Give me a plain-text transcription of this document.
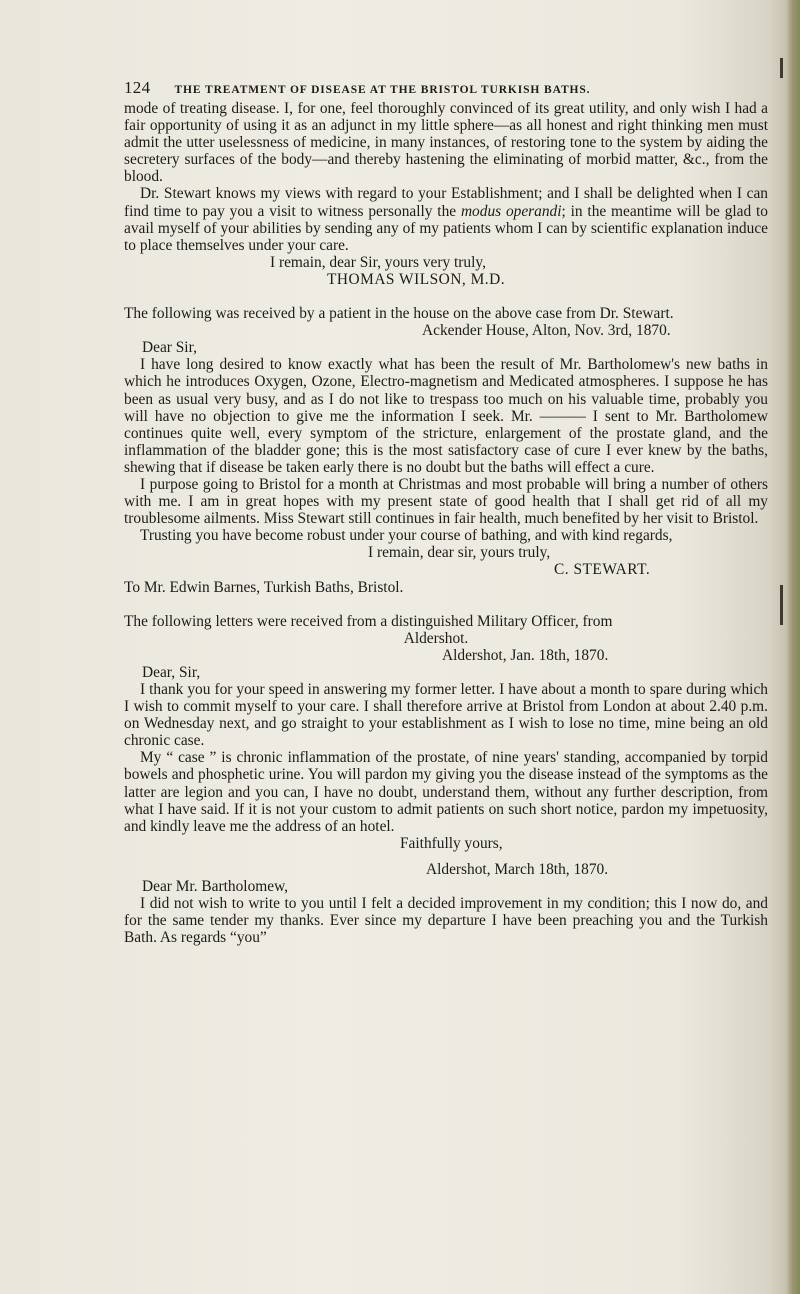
124 THE TREATMENT OF DISEASE AT THE BRISTOL TURKISH BATHS.

mode of treating disease. I, for one, feel thoroughly convinced of its great utility, and only wish I had a fair opportunity of using it as an adjunct in my little sphere—as all honest and right thinking men must admit the utter uselessness of medicine, in many instances, of restoring tone to the system by aiding the secretery surfaces of the body—and thereby hastening the eliminating of morbid matter, &c., from the blood.

Dr. Stewart knows my views with regard to your Establishment; and I shall be delighted when I can find time to pay you a visit to witness personally the modus operandi; in the meantime will be glad to avail myself of your abilities by sending any of my patients whom I can by scientific explanation induce to place themselves under your care.

I remain, dear Sir, yours very truly,

THOMAS WILSON, M.D.

The following was received by a patient in the house on the above case from Dr. Stewart.

Ackender House, Alton, Nov. 3rd, 1870.

Dear Sir,

I have long desired to know exactly what has been the result of Mr. Bartholomew's new baths in which he introduces Oxygen, Ozone, Electro-magnetism and Medicated atmospheres. I suppose he has been as usual very busy, and as I do not like to trespass too much on his valuable time, probably you will have no objection to give me the information I seek. Mr. ——— I sent to Mr. Bartholomew continues quite well, every symptom of the stricture, enlargement of the prostate gland, and the inflammation of the bladder gone; this is the most satisfactory case of cure I ever knew by the baths, shewing that if disease be taken early there is no doubt but the baths will effect a cure.

I purpose going to Bristol for a month at Christmas and most probable will bring a number of others with me. I am in great hopes with my present state of good health that I shall get rid of all my troublesome ailments. Miss Stewart still continues in fair health, much benefited by her visit to Bristol.

Trusting you have become robust under your course of bathing, and with kind regards,

I remain, dear sir, yours truly,

C. STEWART.

To Mr. Edwin Barnes, Turkish Baths, Bristol.

The following letters were received from a distinguished Military Officer, from

Aldershot.

Aldershot, Jan. 18th, 1870.

Dear, Sir,

I thank you for your speed in answering my former letter. I have about a month to spare during which I wish to commit myself to your care. I shall therefore arrive at Bristol from London at about 2.40 p.m. on Wednesday next, and go straight to your establishment as I wish to lose no time, mine being an old chronic case.

My “ case ” is chronic inflammation of the prostate, of nine years' standing, accompanied by torpid bowels and phosphetic urine. You will pardon my giving you the disease instead of the symptoms as the latter are legion and you can, I have no doubt, understand them, without any further description, from what I have said. If it is not your custom to admit patients on such short notice, pardon my impetuosity, and kindly leave me the address of an hotel.

Faithfully yours,

Aldershot, March 18th, 1870.

Dear Mr. Bartholomew,

I did not wish to write to you until I felt a decided improvement in my condition; this I now do, and for the same tender my thanks. Ever since my departure I have been preaching you and the Turkish Bath. As regards “you”
